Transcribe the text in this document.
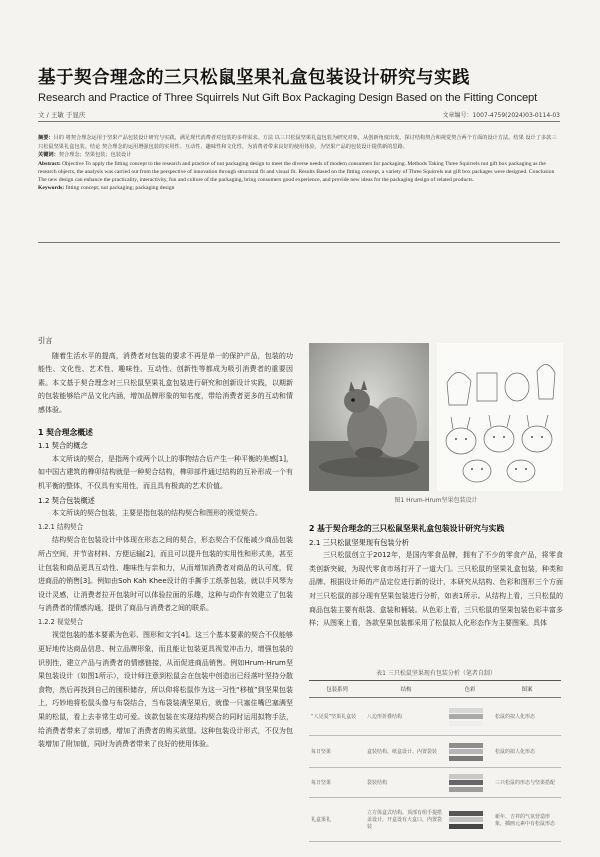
基于契合理念的三只松鼠坚果礼盒包装设计研究与实践
Research and Practice of Three Squirrels Nut Gift Box Packaging Design Based on the Fitting Concept
文 / 王敏 于显庆	文章编号：1007-4759(2024)03-0114-03
摘要：目的 将契合理念运用于坚果产品包装设计研究与实践，满足现代消费者对包装的多样需求。方法 以三只松鼠坚果礼盒包装为研究对象，从创新角度出发，探讨结构契合和视觉契合两个方面的设计方法。结果 设计了多款三只松鼠坚果礼盒包装。结论 契合理念的运用增强包装的实用性、互动性、趣味性和文化性，为消费者带来良好的使用体验，为坚果产品的包装设计提供新的思路。
关键词：契合理念；坚果包装；包装设计
Abstract: Objective To apply the fitting concept to the research and practice of nut packaging design to meet the diverse needs of modern consumers for packaging. Methods Taking Three Squirrels nut gift box packaging as the research objects, the analysis was carried out from the perspective of innovation through structural fit and visual fit. Results Based on the fitting concept, a variety of Three Squirrels nut gift box packages were designed. Conclusion The new design can enhance the practicality, interactivity, fun and culture of the packaging, bring consumers good experience, and provide new ideas for the packaging design of related products.
Keywords: fitting concept; nut packaging; packaging design
引言

随着生活水平的提高，消费者对包装的要求不再是单一的保护产品，包装的功能性、文化性、艺术性、趣味性、互动性、创新性等都成为吸引消费者的重要因素。本文基于契合理念对三只松鼠坚果礼盒包装进行研究和创新设计实践，以期新的包装能够给产品文化内涵，增加品牌形象的知名度，带给消费者更多的互动和情感体验。

1 契合理念概述
1.1 契合的概念

本文所谈的契合，是指两个或两个以上的事物结合后产生一种平衡的美感[1]，如中国古建筑的榫卯结构就是一种契合结构，榫卯部件通过结构的互补形成一个有机平衡的整体，不仅具有实用性，而且具有极高的艺术价值。

1.2 契合包装概述

本文所谈的契合包装，主要是指包装的结构契合和图形的视觉契合。

1.2.1 结构契合

结构契合在包装设计中体现在形态之间的契合，形态契合不仅能减少商品包装所占空间，并节省材料、方便运输[2]，而且可以提升包装的实用性和形式美，甚至让包装和商品更具互动性、趣味性与亲和力，从而增加消费者对商品的认可度，促进商品的销售[3]。例如由Soh Kah Khee设计的手撕手工纸茶包装，就以手风琴为设计灵感，让消费者拉开包装时可以体验拉面的乐趣，这种与动作有效建立了包装与消费者的情感沟通，提供了商品与消费者之间的联系。

1.2.2 视觉契合

视觉包装的基本要素为色彩、图形和文字[4]。这三个基本要素的契合不仅能够更好地传达商品信息、树立品牌形象，而且能让包装更具视觉冲击力，增强包装的识别性，建立产品与消费者的情感链接，从而促进商品销售。例如Hrum-Hrum坚果包装设计（如图1所示），设计师注意到松鼠会在包装中创造出已经落叶坚持分散食物，然后再找到自己的囤积储存，所以仰将松鼠作为这一习性“移植”到坚果包装上，巧妙地将松鼠头像与布袋结合，当布袋装满坚果后，就像一只塞住嘴巴塞满坚果的松鼠，看上去非常生动可爱。该款包装在实现结构契合的同时运用拟物手法，给消费者带来了亲切感，增加了消费者的购买欲望。这种包装设计形式，不仅为包装增加了附加值，同时为消费者带来了良好的使用体验。

图1 Hrum-Hrum坚果包装设计
2 基于契合理念的三只松鼠坚果礼盒包装设计研究与实践
2.1 三只松鼠坚果现有包装分析

三只松鼠创立于2012年，是国内零食品牌，拥有了不少的零食产品，将零食类创新突破，为现代零食市场打开了一道大门。三只松鼠的坚果礼盒包装，种类和品牌、根据设计师的产品定位进行新的设计，本研究从结构、色彩和图形三个方面对三只松鼠的部分现有坚果包装进行分析，如表1所示。从结构上看，三只松鼠的商品包装主要有纸袋、盒装和桶装。从色彩上看，三只松鼠的坚果包装色彩丰富多样；从图案上看，各款坚果包装都采用了松鼠拟人化形态作为主要图案。具体

表1 三只松鼠坚果现有包装分析（笔者自制）
包装系列	结构	色彩	图案
“人见爱”坚果礼盒装	八边形折叠结构		松鼠的拟人化形态
每日坚果	盒装结构、纸盒设计、内置袋装		松鼠的拟人化形态
每日坚果	袋装结构		三只松鼠的形态与坚果搭配
礼盒果礼	立方体盒式结构、顶部有组手提搭盖设计，开盒设有大盒口，内置袋装		新年、吉祥的气氛营造形象，插画元素中有松鼠形态
